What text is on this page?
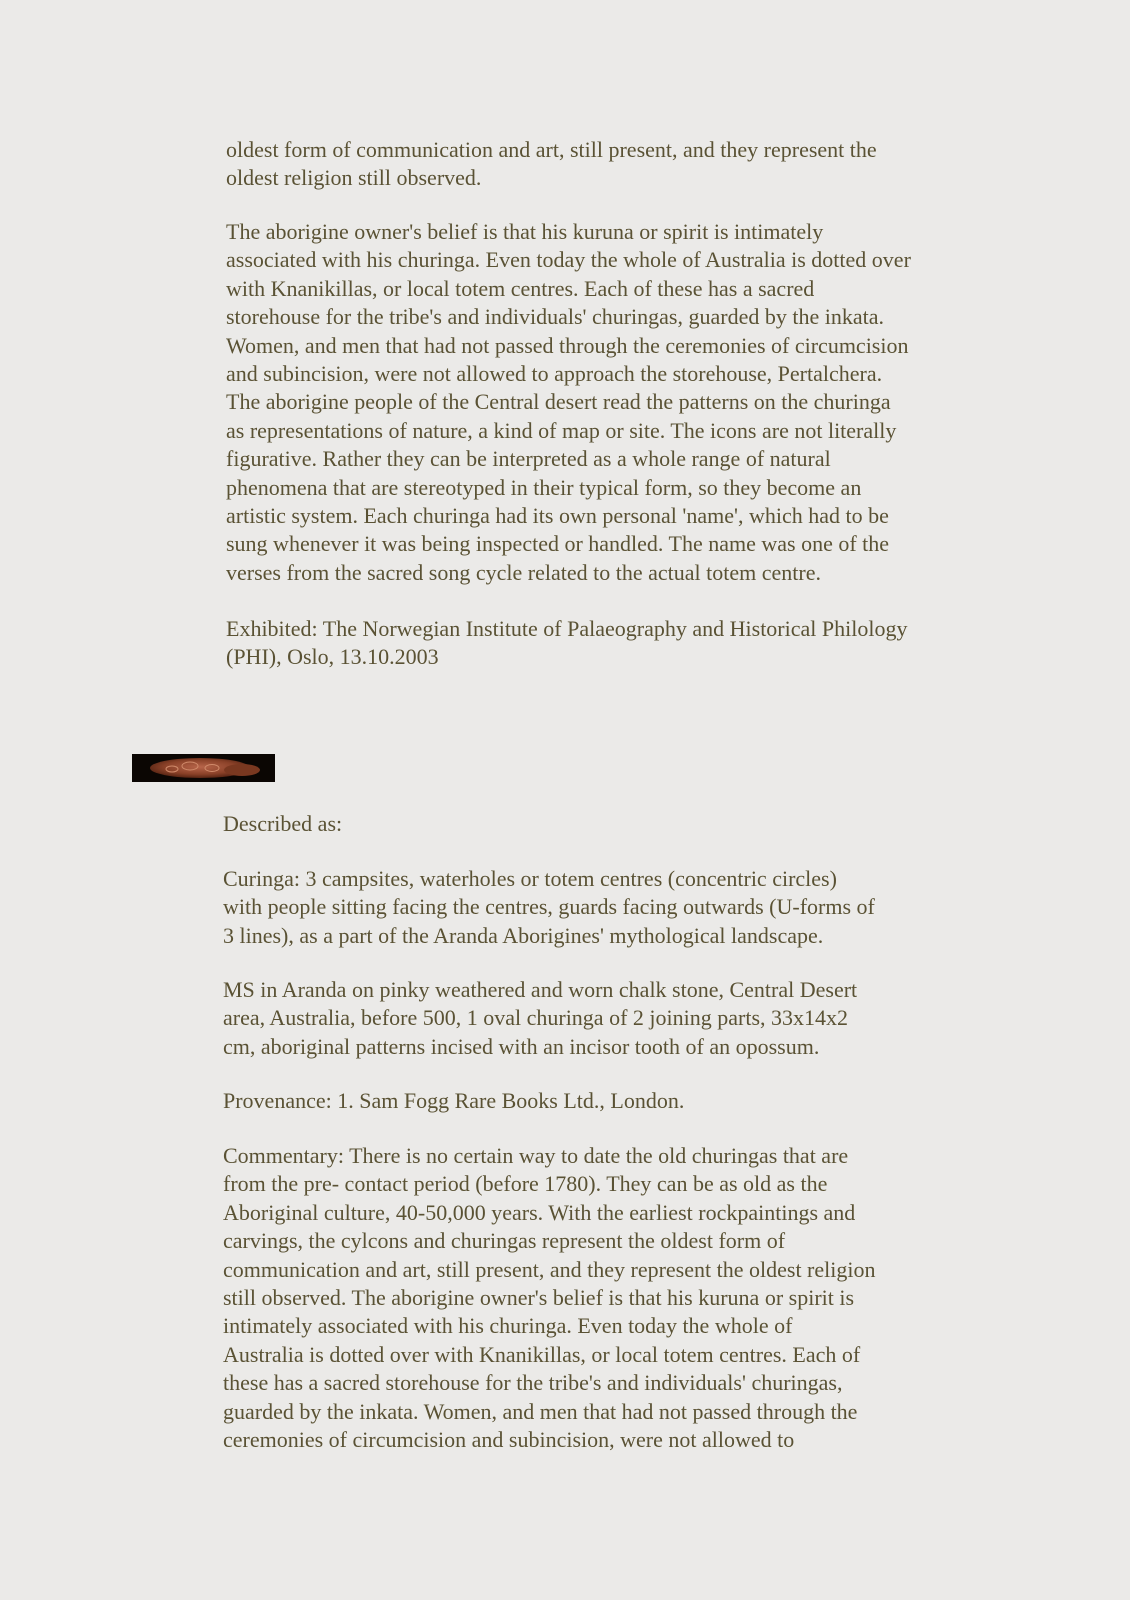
oldest form of communication and art, still present, and they represent the
oldest religion still observed.
The aborigine owner's belief is that his kuruna or spirit is intimately
associated with his churinga. Even today the whole of Australia is dotted over
with Knanikillas, or local totem centres. Each of these has a sacred
storehouse for the tribe's and individuals' churingas, guarded by the inkata.
Women, and men that had not passed through the ceremonies of circumcision
and subincision, were not allowed to approach the storehouse, Pertalchera.
The aborigine people of the Central desert read the patterns on the churinga
as representations of nature, a kind of map or site. The icons are not literally
figurative. Rather they can be interpreted as a whole range of natural
phenomena that are stereotyped in their typical form, so they become an
artistic system. Each churinga had its own personal 'name', which had to be
sung whenever it was being inspected or handled. The name was one of the
verses from the sacred song cycle related to the actual totem centre.
Exhibited: The Norwegian Institute of Palaeography and Historical Philology
(PHI), Oslo, 13.10.2003
Described as:
Curinga: 3 campsites, waterholes or totem centres (concentric circles)
with people sitting facing the centres, guards facing outwards (U-forms of
3 lines), as a part of the Aranda Aborigines' mythological landscape.
MS in Aranda on pinky weathered and worn chalk stone, Central Desert
area, Australia, before 500, 1 oval churinga of 2 joining parts, 33x14x2
cm, aboriginal patterns incised with an incisor tooth of an opossum.
Provenance: 1. Sam Fogg Rare Books Ltd., London.
Commentary: There is no certain way to date the old churingas that are
from the pre- contact period (before 1780). They can be as old as the
Aboriginal culture, 40-50,000 years. With the earliest rockpaintings and
carvings, the cylcons and churingas represent the oldest form of
communication and art, still present, and they represent the oldest religion
still observed. The aborigine owner's belief is that his kuruna or spirit is
intimately associated with his churinga. Even today the whole of
Australia is dotted over with Knanikillas, or local totem centres. Each of
these has a sacred storehouse for the tribe's and individuals' churingas,
guarded by the inkata. Women, and men that had not passed through the
ceremonies of circumcision and subincision, were not allowed to
